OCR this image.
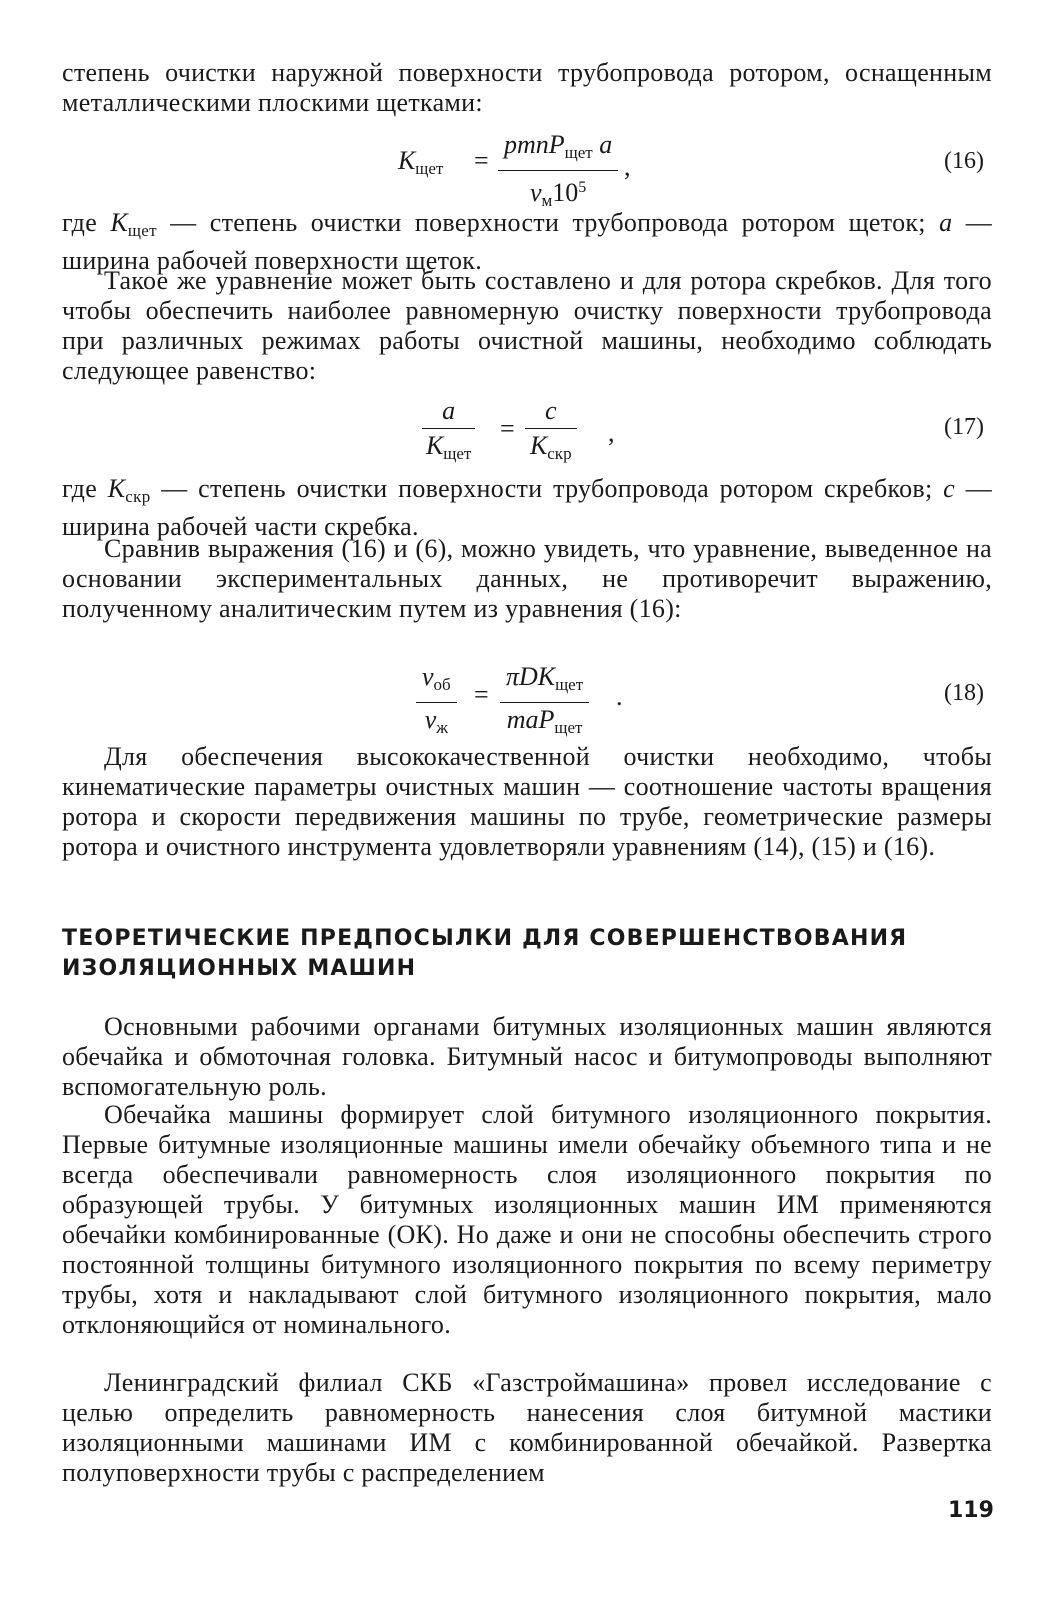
степень очистки наружной поверхности трубопровода ротором, оснащенным металлическими плоскими щетками:

$К_{щет}$ =
pmnP$_{щет}$ a
$v_м10^5$
,	(16)

где $К_{щет}$ — степень очистки поверхности трубопровода ротором щеток; а — ширина рабочей поверхности щеток.

Такое же уравнение может быть составлено и для ротора скребков. Для того чтобы обеспечить наиболее равномерную очистку поверхности трубопровода при различных режимах работы очистной машины, необходимо соблюдать следующее равенство:

a
$К_{щет}$
=
c
$К_{скр}$
,	(17)

где $К_{скр}$ — степень очистки поверхности трубопровода ротором скребков; с — ширина рабочей части скребка.

Сравнив выражения (16) и (6), можно увидеть, что уравнение, выведенное на основании экспериментальных данных, не противоречит выражению, полученному аналитическим путем из уравнения (16):

$v_{об}$
$v_ж$
=
πDК$_{щет}$
maP$_{щет}$
.	(18)

Для обеспечения высококачественной очистки необходимо, чтобы кинематические параметры очистных машин — соотношение частоты вращения ротора и скорости передвижения машины по трубе, геометрические размеры ротора и очистного инструмента удовлетворяли уравнениям (14), (15) и (16).

ТЕОРЕТИЧЕСКИЕ ПРЕДПОСЫЛКИ ДЛЯ СОВЕРШЕНСТВОВАНИЯ ИЗОЛЯЦИОННЫХ МАШИН

Основными рабочими органами битумных изоляционных машин являются обечайка и обмоточная головка. Битумный насос и битумопроводы выполняют вспомогательную роль.

Обечайка машины формирует слой битумного изоляционного покрытия. Первые битумные изоляционные машины имели обечайку объемного типа и не всегда обеспечивали равномерность слоя изоляционного покрытия по образующей трубы. У битумных изоляционных машин ИМ применяются обечайки комбинированные (ОК). Но даже и они не способны обеспечить строго постоянной толщины битумного изоляционного покрытия по всему периметру трубы, хотя и накладывают слой битумного изоляционного покрытия, мало отклоняющийся от номинального.

Ленинградский филиал СКБ «Газстроймашина» провел исследование с целью определить равномерность нанесения слоя битумной мастики изоляционными машинами ИМ с комбинированной обечайкой. Развертка полуповерхности трубы с распределением

119
